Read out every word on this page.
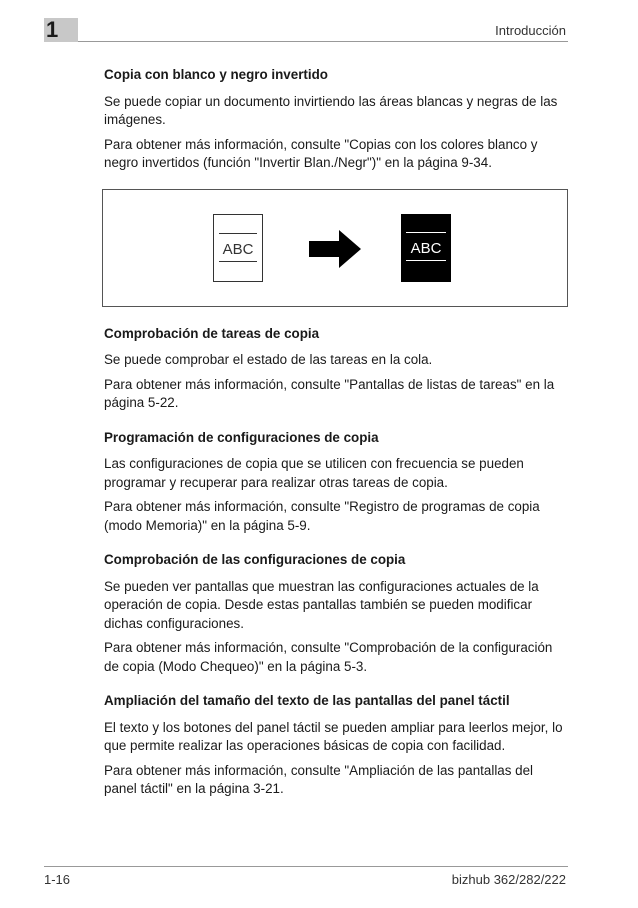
1	Introducción
Copia con blanco y negro invertido
Se puede copiar un documento invirtiendo las áreas blancas y negras de las imágenes.
Para obtener más información, consulte "Copias con los colores blanco y negro invertidos (función "Invertir Blan./Negr")" en la página 9-34.
ABC	ABC
Comprobación de tareas de copia
Se puede comprobar el estado de las tareas en la cola.
Para obtener más información, consulte "Pantallas de listas de tareas" en la página 5-22.
Programación de configuraciones de copia
Las configuraciones de copia que se utilicen con frecuencia se pueden programar y recuperar para realizar otras tareas de copia.
Para obtener más información, consulte "Registro de programas de copia (modo Memoria)" en la página 5-9.
Comprobación de las configuraciones de copia
Se pueden ver pantallas que muestran las configuraciones actuales de la operación de copia. Desde estas pantallas también se pueden modificar dichas configuraciones.
Para obtener más información, consulte "Comprobación de la configuración de copia (Modo Chequeo)" en la página 5-3.
Ampliación del tamaño del texto de las pantallas del panel táctil
El texto y los botones del panel táctil se pueden ampliar para leerlos mejor, lo que permite realizar las operaciones básicas de copia con facilidad.
Para obtener más información, consulte "Ampliación de las pantallas del panel táctil" en la página 3-21.
1-16	bizhub 362/282/222
